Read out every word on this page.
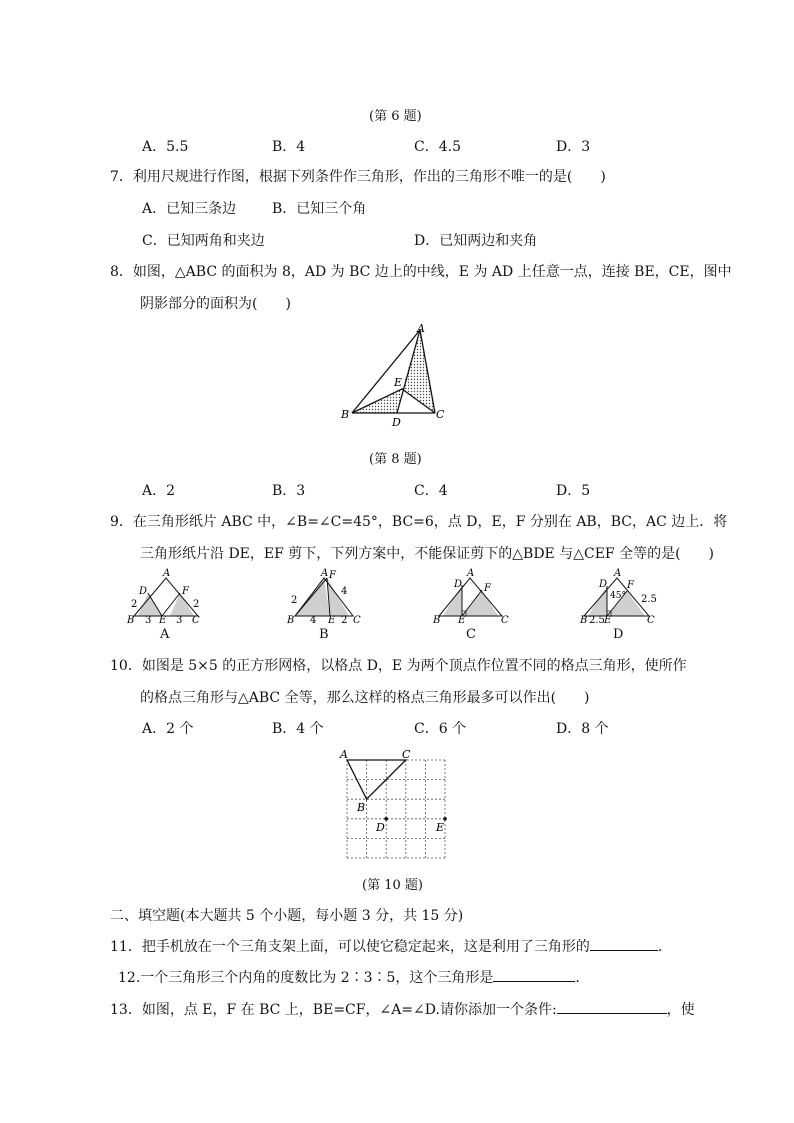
(第 6 题)
A．5.5	B．4	C．4.5	D．3
7．利用尺规进行作图，根据下列条件作三角形，作出的三角形不唯一的是(　　)
A．已知三条边	B．已知三个角
C．已知两角和夹边	D．已知两边和夹角
8．如图，△ABC 的面积为 8，AD 为 BC 边上的中线，E 为 AD 上任意一点，连接 BE，CE，图中
阴影部分的面积为(　　)
A
E
B	C
D
(第 8 题)
A．2	B．3	C．4	D．5
9．在三角形纸片 ABC 中，∠B=∠C=45°，BC=6，点 D，E，F 分别在 AB，BC，AC 边上．将
三角形纸片沿 DE，EF 剪下，下列方案中，不能保证剪下的△BDE 与△CEF 全等的是(　　)
A
D	F
2	2
B 3 E 3 C
A
A F
2
4
B 4 E 2 C
B
A
D F
B E	C
C
A
D F
45° 2.5
B 2.5 E	C
D
10．如图是 5×5 的正方形网格，以格点 D，E 为两个顶点作位置不同的格点三角形，使所作
的格点三角形与△ABC 全等，那么这样的格点三角形最多可以作出(　　)
A．2 个	B．4 个	C．6 个	D．8 个
A	C
B
D	E
(第 10 题)
二、填空题(本大题共 5 个小题，每小题 3 分，共 15 分)
11．把手机放在一个三角支架上面，可以使它稳定起来，这是利用了三角形的	．
12.一个三角形三个内角的度数比为 2∶3∶5，这个三角形是	．
13．如图，点 E，F 在 BC 上，BE=CF，∠A=∠D.请你添加一个条件:	，使
